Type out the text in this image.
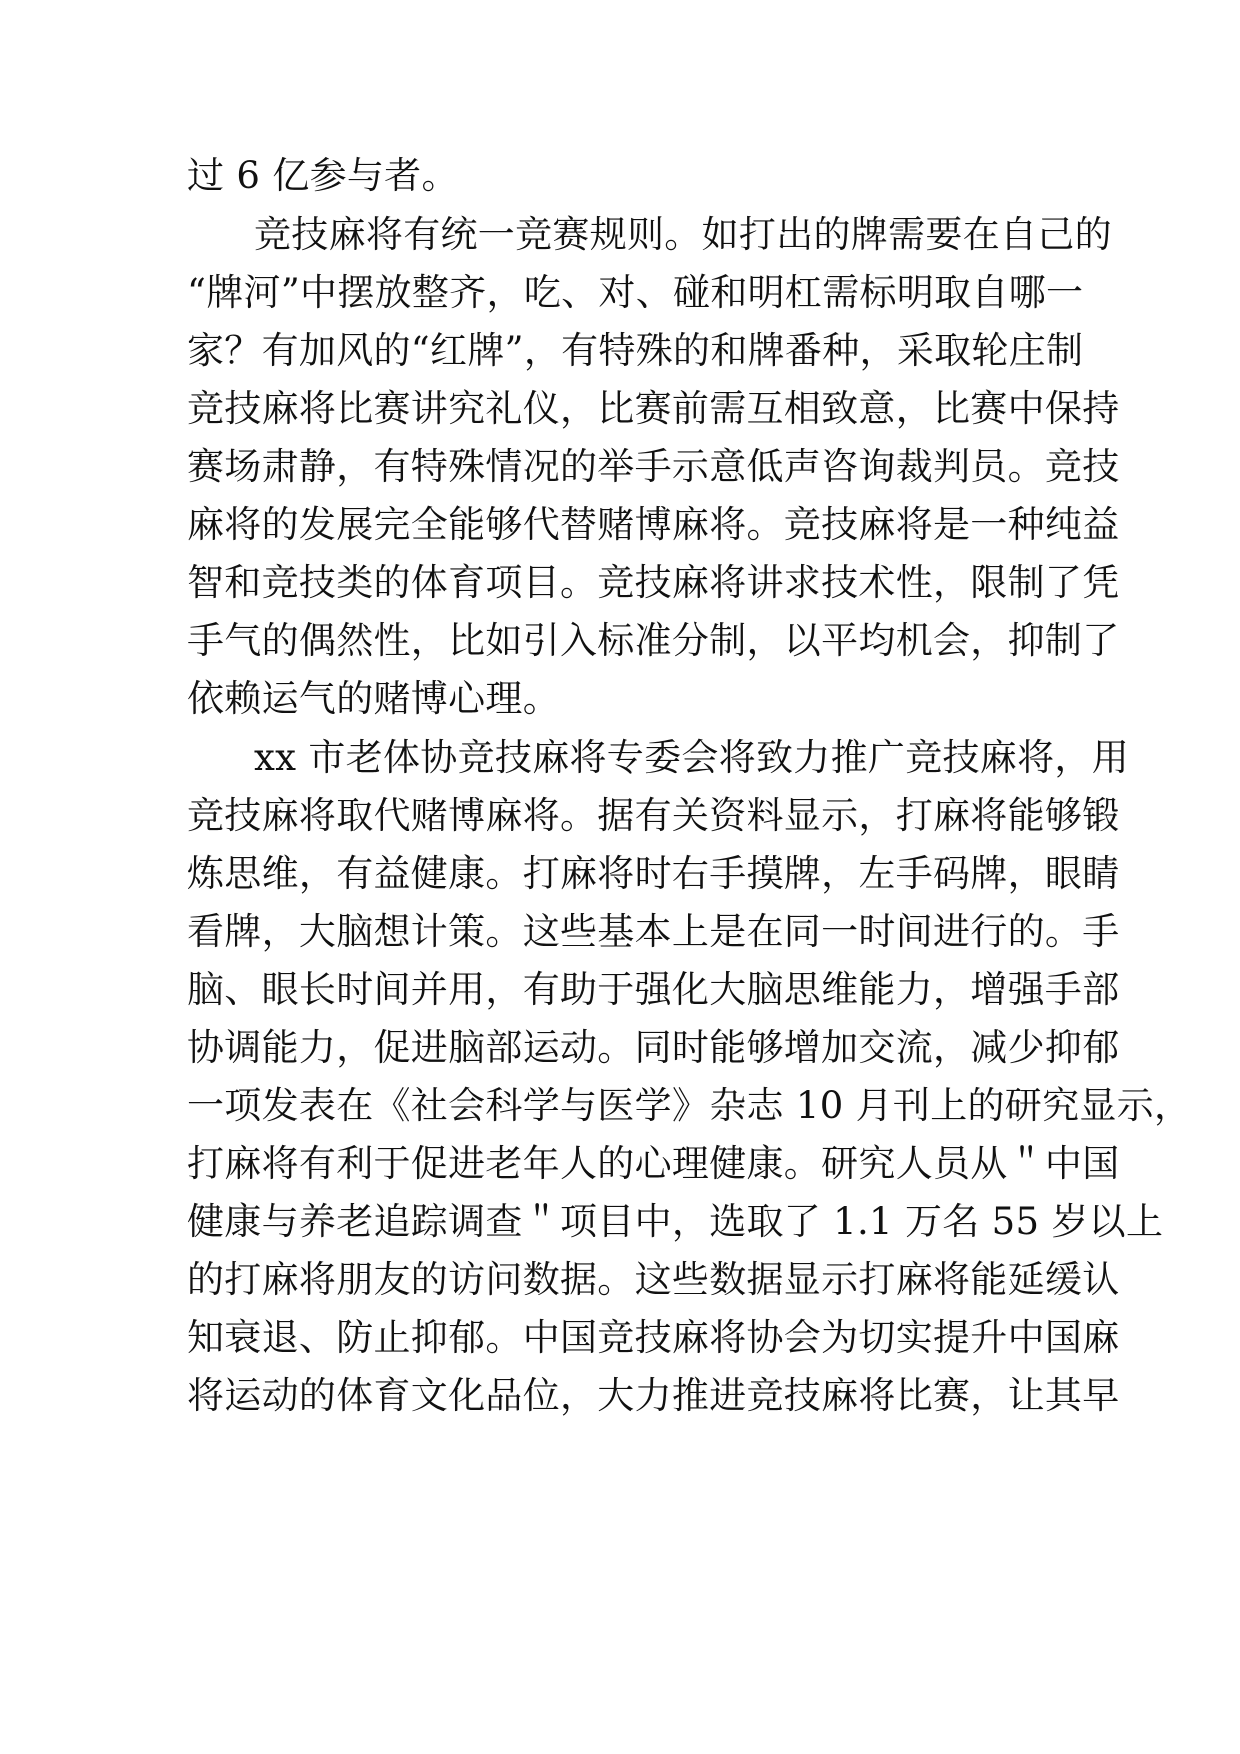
过 6 亿参与者。
竞技麻将有统一竞赛规则。如打出的牌需要在自己的
“牌河”中摆放整齐，吃、对、碰和明杠需标明取自哪一
家？有加风的“红牌”，有特殊的和牌番种，采取轮庄制
竞技麻将比赛讲究礼仪，比赛前需互相致意，比赛中保持
赛场肃静，有特殊情况的举手示意低声咨询裁判员。竞技
麻将的发展完全能够代替赌博麻将。竞技麻将是一种纯益
智和竞技类的体育项目。竞技麻将讲求技术性，限制了凭
手气的偶然性，比如引入标准分制，以平均机会，抑制了
依赖运气的赌博心理。
xx 市老体协竞技麻将专委会将致力推广竞技麻将，用
竞技麻将取代赌博麻将。据有关资料显示，打麻将能够锻
炼思维，有益健康。打麻将时右手摸牌，左手码牌，眼睛
看牌，大脑想计策。这些基本上是在同一时间进行的。手
脑、眼长时间并用，有助于强化大脑思维能力，增强手部
协调能力，促进脑部运动。同时能够增加交流，减少抑郁
一项发表在《社会科学与医学》杂志 10 月刊上的研究显示，
打麻将有利于促进老年人的心理健康。研究人员从＂中国
健康与养老追踪调查＂项目中，选取了 1.1 万名 55 岁以上
的打麻将朋友的访问数据。这些数据显示打麻将能延缓认
知衰退、防止抑郁。中国竞技麻将协会为切实提升中国麻
将运动的体育文化品位，大力推进竞技麻将比赛，让其早
